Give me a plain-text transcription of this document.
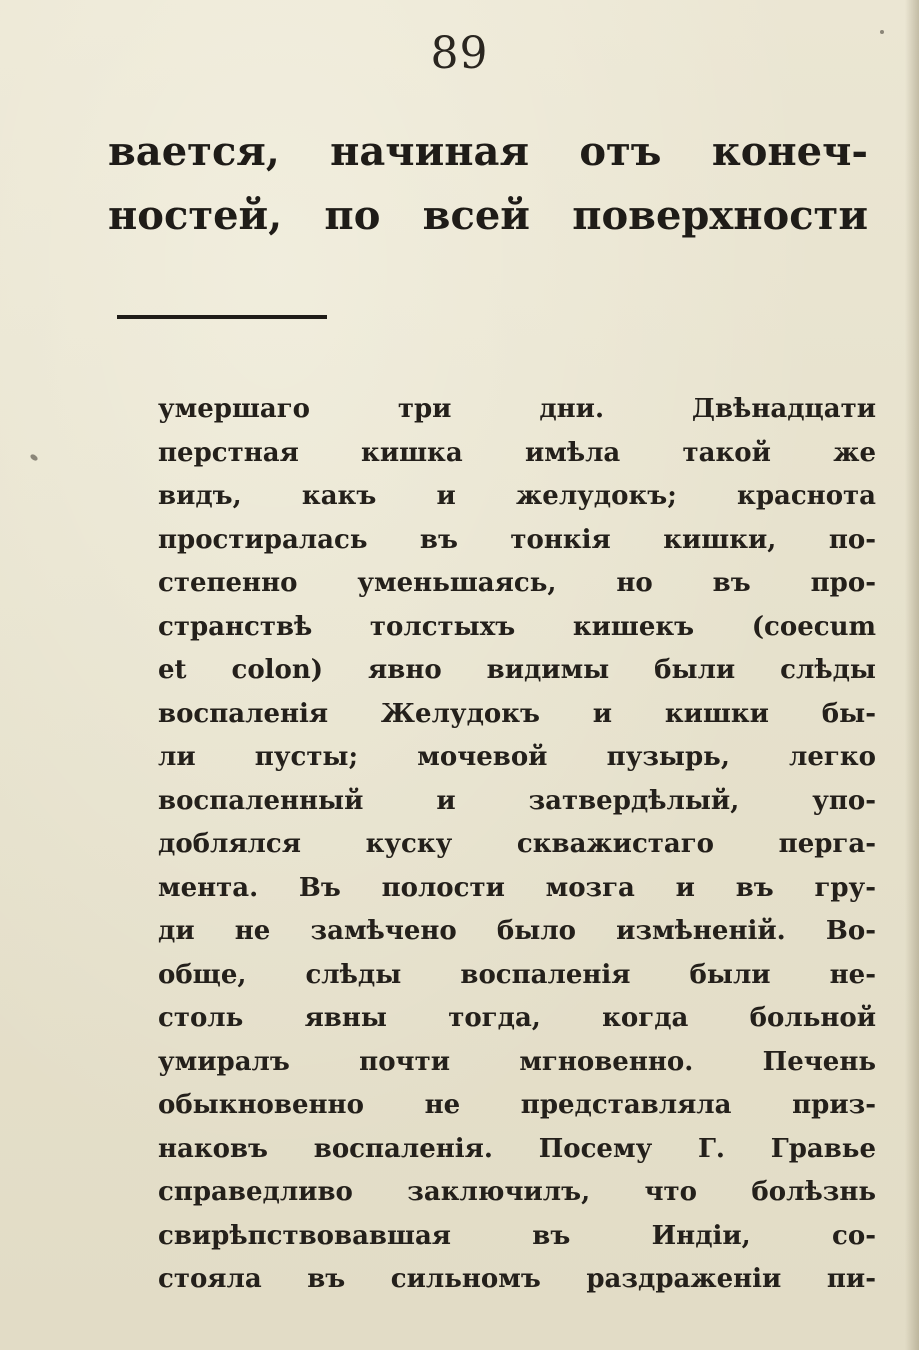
89
вается, начиная отъ конеч-
ностей, по всей поверхности
умершаго три дни. Двѣнадцати
перстная кишка имѣла такой же
видъ, какъ и желудокъ; краснота
простиралась въ тонкія кишки, по-
степенно уменьшаясь, но въ про-
странствѣ толстыхъ кишекъ (coecum
et colon) явно видимы были слѣды
воспаленія Желудокъ и кишки бы-
ли пусты; мочевой пузырь, легко
воспаленный и затвердѣлый, упо-
доблялся куску скважистаго перга-
мента. Въ полости мозга и въ гру-
ди не замѣчено было измѣненій. Во-
обще, слѣды воспаленія были не-
столь явны тогда, когда больной
умиралъ почти мгновенно. Печень
обыкновенно не представляла приз-
наковъ воспаленія. Посему Г. Гравье
справедливо заключилъ, что болѣзнь
свирѣпствовавшая въ Индіи, со-
стояла въ сильномъ раздраженіи пи-
